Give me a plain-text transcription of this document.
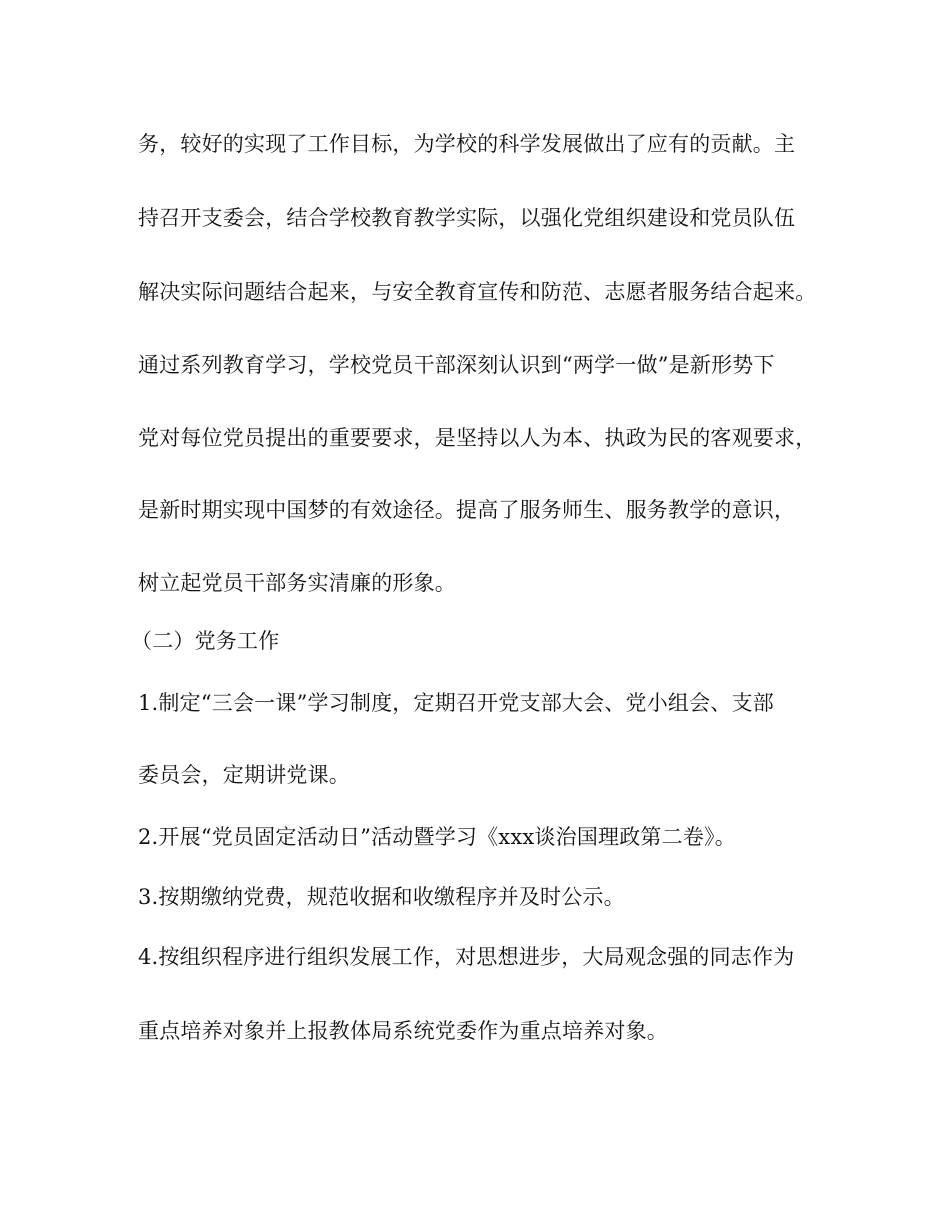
务，较好的实现了工作目标，为学校的科学发展做出了应有的贡献。主
持召开支委会，结合学校教育教学实际，以强化党组织建设和党员队伍
解决实际问题结合起来，与安全教育宣传和防范、志愿者服务结合起来。
通过系列教育学习，学校党员干部深刻认识到“两学一做”是新形势下
党对每位党员提出的重要要求，是坚持以人为本、执政为民的客观要求，
是新时期实现中国梦的有效途径。提高了服务师生、服务教学的意识，
树立起党员干部务实清廉的形象。
（二）党务工作
1.制定“三会一课”学习制度，定期召开党支部大会、党小组会、支部
委员会，定期讲党课。
2.开展“党员固定活动日”活动暨学习《xxx谈治国理政第二卷》。
3.按期缴纳党费，规范收据和收缴程序并及时公示。
4.按组织程序进行组织发展工作，对思想进步，大局观念强的同志作为
重点培养对象并上报教体局系统党委作为重点培养对象。
